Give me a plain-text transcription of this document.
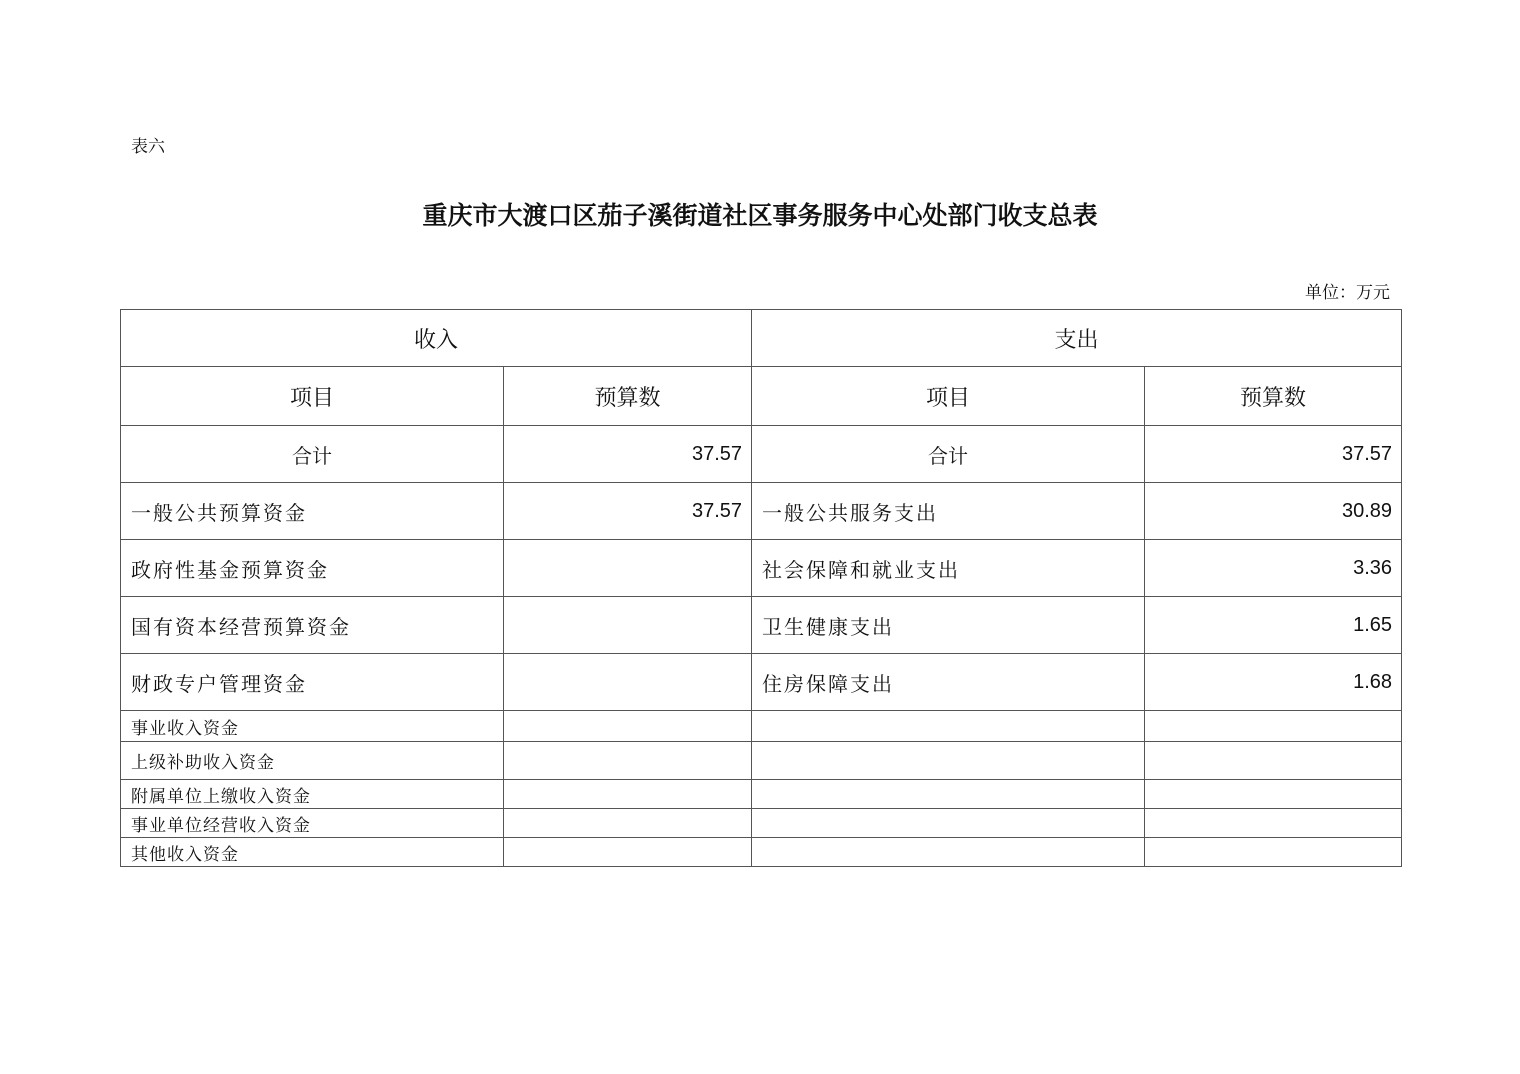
表六
重庆市大渡口区茄子溪街道社区事务服务中心处部门收支总表
单位：万元
收入		支出	
项目	预算数	项目	预算数
合计	37.57	合计	37.57
一般公共预算资金	37.57	一般公共服务支出	30.89
政府性基金预算资金		社会保障和就业支出	3.36
国有资本经营预算资金		卫生健康支出	1.65
财政专户管理资金		住房保障支出	1.68
事业收入资金			
上级补助收入资金			
附属单位上缴收入资金			
事业单位经营收入资金			
其他收入资金			
